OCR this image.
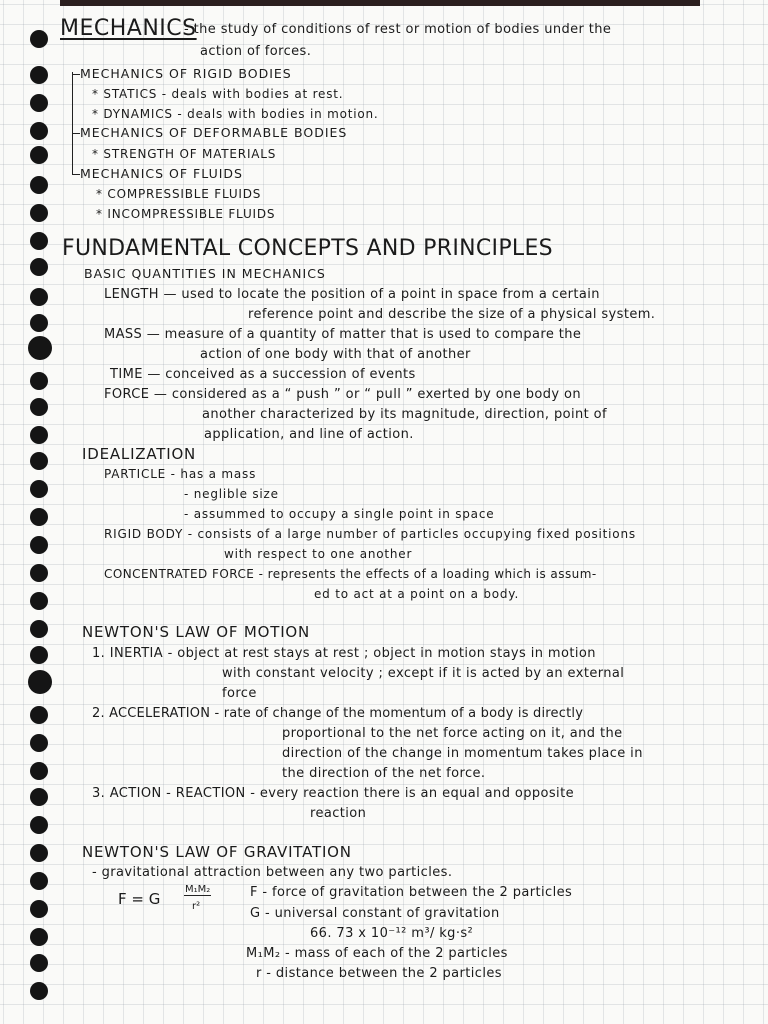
MECHANICS
- the study of conditions of rest or motion of bodies under the
action of forces.
MECHANICS OF RIGID BODIES
* STATICS - deals with bodies at rest.
* DYNAMICS - deals with bodies in motion.
MECHANICS OF DEFORMABLE BODIES
* STRENGTH OF MATERIALS
MECHANICS OF FLUIDS
* COMPRESSIBLE FLUIDS
* INCOMPRESSIBLE FLUIDS
FUNDAMENTAL CONCEPTS AND PRINCIPLES
BASIC QUANTITIES IN MECHANICS
LENGTH — used to locate the position of a point in space from a certain
reference point and describe the size of a physical system.
MASS — measure of a quantity of matter that is used to compare the
action of one body with that of another
TIME — conceived as a succession of events
FORCE — considered as a “ push ” or “ pull ” exerted by one body on
another characterized by its magnitude, direction, point of
application, and line of action.
IDEALIZATION
PARTICLE - has a mass
- neglible size
- assummed to occupy a single point in space
RIGID BODY - consists of a large number of particles occupying fixed positions
with respect to one another
CONCENTRATED FORCE - represents the effects of a loading which is assum-
ed to act at a point on a body.
NEWTON'S LAW OF MOTION
1. INERTIA - object at rest stays at rest ; object in motion stays in motion
with constant velocity ; except if it is acted by an external
force
2. ACCELERATION - rate of change of the momentum of a body is directly
proportional to the net force acting on it, and the
direction of the change in momentum takes place in
the direction of the net force.
3. ACTION - REACTION - every reaction there is an equal and opposite
reaction
NEWTON'S LAW OF GRAVITATION
- gravitational attraction between any two particles.
F = G
M₁M₂
r²
F - force of gravitation between the 2 particles
G - universal constant of gravitation
66. 73 x 10⁻¹² m³/ kg·s²
M₁M₂ - mass of each of the 2 particles
r - distance between the 2 particles
